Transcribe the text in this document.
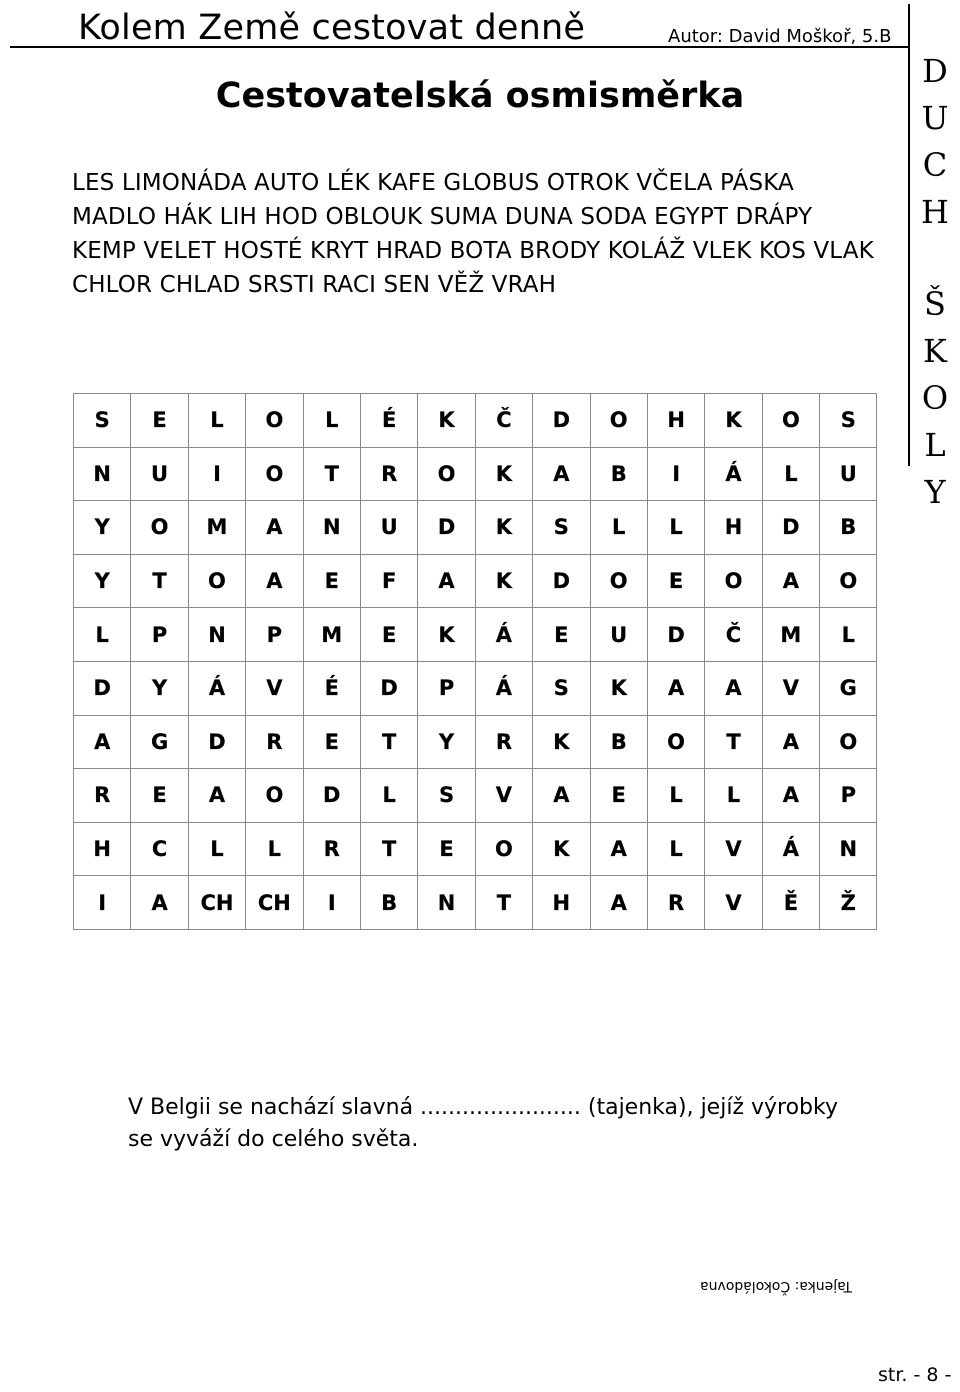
Kolem Země cestovat denně	Autor: David Moškoř, 5.B
D
U
C
H
Š
K
O
L
Y
Cestovatelská osmisměrka
LES LIMONÁDA AUTO LÉK KAFE GLOBUS OTROK VČELA PÁSKA
MADLO HÁK LIH HOD OBLOUK SUMA DUNA SODA EGYPT DRÁPY
KEMP VELET HOSTÉ KRYT HRAD BOTA BRODY KOLÁŽ VLEK KOS VLAK
CHLOR CHLAD SRSTI RACI SEN VĚŽ VRAH
S	E	L	O	L	É	K	Č	D	O	H	K	O	S
N	U	I	O	T	R	O	K	A	B	I	Á	L	U
Y	O	M	A	N	U	D	K	S	L	L	H	D	B
Y	T	O	A	E	F	A	K	D	O	E	O	A	O
L	P	N	P	M	E	K	Á	E	U	D	Č	M	L
D	Y	Á	V	É	D	P	Á	S	K	A	A	V	G
A	G	D	R	E	T	Y	R	K	B	O	T	A	O
R	E	A	O	D	L	S	V	A	E	L	L	A	P
H	C	L	L	R	T	E	O	K	A	L	V	Á	N
I	A	CH	CH	I	B	N	T	H	A	R	V	Ě	Ž
V Belgii se nachází slavná ....................... (tajenka), jejíž výrobky
se vyváží do celého světa.
Tajenka: Čokoládovna
str. - 8 -
